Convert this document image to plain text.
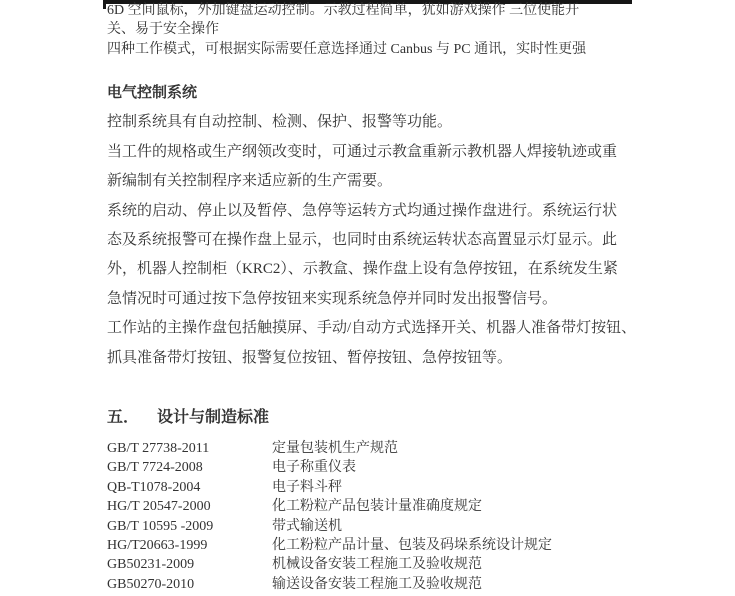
6D 空间鼠标，外加键盘运动控制。示教过程简单，犹如游戏操作 三位使能开
关、易于安全操作
四种工作模式，可根据实际需要任意选择通过 Canbus 与 PC 通讯，实时性更强
电气控制系统
控制系统具有自动控制、检测、保护、报警等功能。
当工件的规格或生产纲领改变时，可通过示教盒重新示教机器人焊接轨迹或重
新编制有关控制程序来适应新的生产需要。
系统的启动、停止以及暂停、急停等运转方式均通过操作盘进行。系统运行状
态及系统报警可在操作盘上显示，也同时由系统运转状态高置显示灯显示。此
外，机器人控制柜（KRC2）、示教盒、操作盘上设有急停按钮，在系统发生紧
急情况时可通过按下急停按钮来实现系统急停并同时发出报警信号。
工作站的主操作盘包括触摸屏、手动/自动方式选择开关、机器人准备带灯按钮、
抓具准备带灯按钮、报警复位按钮、暂停按钮、急停按钮等。
五． 设计与制造标准
GB/T 27738-2011	定量包装机生产规范
GB/T 7724-2008	电子称重仪表
QB-T1078-2004	电子料斗秤
HG/T 20547-2000	化工粉粒产品包装计量准确度规定
GB/T 10595 -2009	带式输送机
HG/T20663-1999	化工粉粒产品计量、包装及码垛系统设计规定
GB50231-2009	机械设备安装工程施工及验收规范
GB50270-2010	输送设备安装工程施工及验收规范
